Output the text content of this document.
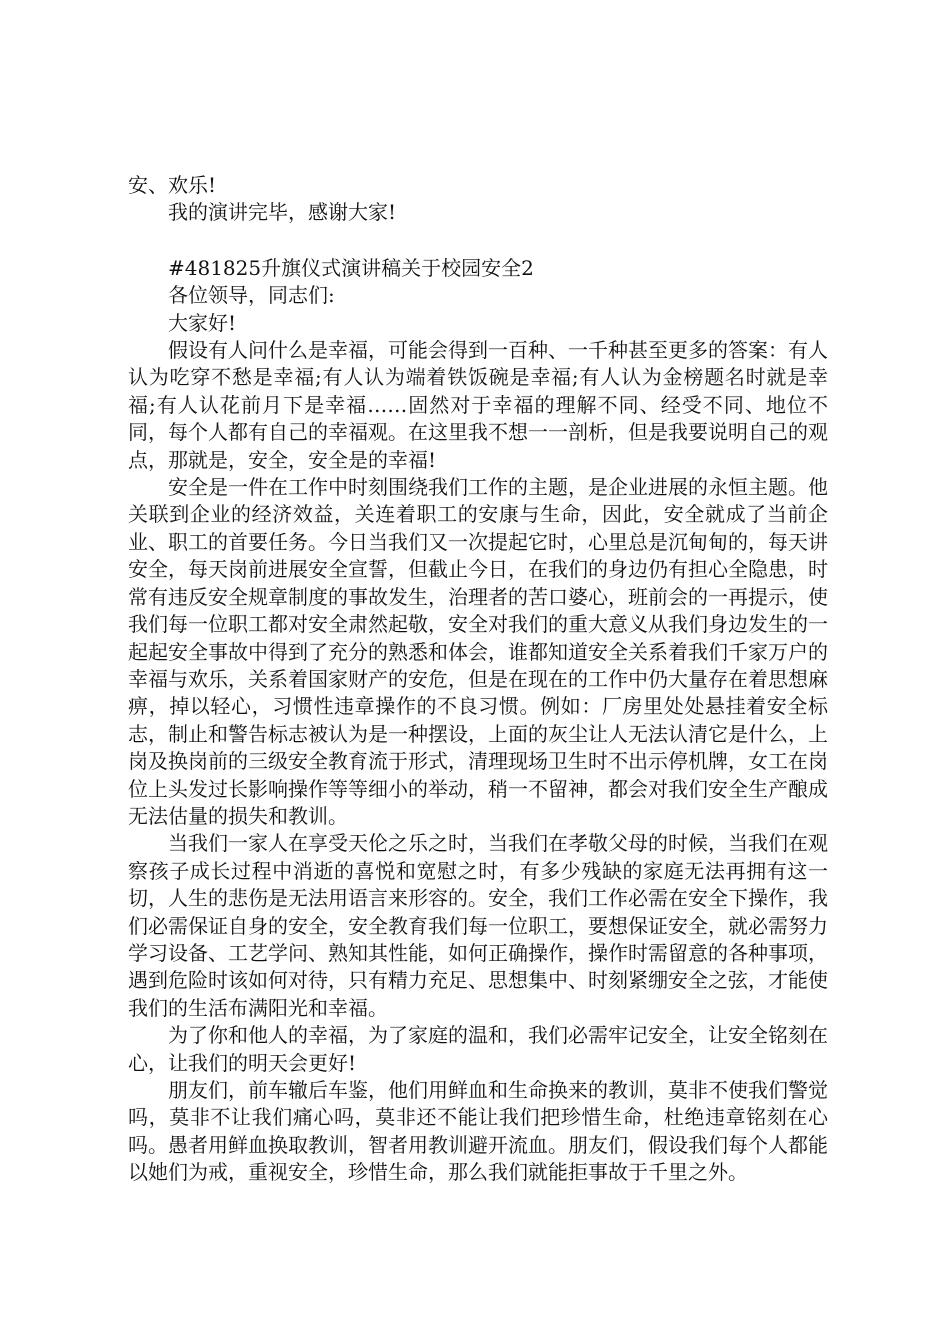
安、欢乐!

我的演讲完毕，感谢大家!

#481825升旗仪式演讲稿关于校园安全2

各位领导，同志们:

大家好!

假设有人问什么是幸福，可能会得到一百种、一千种甚至更多的答案：有人认为吃穿不愁是幸福;有人认为端着铁饭碗是幸福;有人认为金榜题名时就是幸福;有人认花前月下是幸福……固然对于幸福的理解不同、经受不同、地位不同，每个人都有自己的幸福观。在这里我不想一一剖析，但是我要说明自己的观点，那就是，安全，安全是的幸福!

安全是一件在工作中时刻围绕我们工作的主题，是企业进展的永恒主题。他关联到企业的经济效益，关连着职工的安康与生命，因此，安全就成了当前企业、职工的首要任务。今日当我们又一次提起它时，心里总是沉甸甸的，每天讲安全，每天岗前进展安全宣誓，但截止今日，在我们的身边仍有担心全隐患，时常有违反安全规章制度的事故发生，治理者的苦口婆心，班前会的一再提示，使我们每一位职工都对安全肃然起敬，安全对我们的重大意义从我们身边发生的一起起安全事故中得到了充分的熟悉和体会，谁都知道安全关系着我们千家万户的幸福与欢乐，关系着国家财产的安危，但是在现在的工作中仍大量存在着思想麻痹，掉以轻心，习惯性违章操作的不良习惯。例如：厂房里处处悬挂着安全标志，制止和警告标志被认为是一种摆设，上面的灰尘让人无法认清它是什么，上岗及换岗前的三级安全教育流于形式，清理现场卫生时不出示停机牌，女工在岗位上头发过长影响操作等等细小的举动，稍一不留神，都会对我们安全生产酿成无法估量的损失和教训。

当我们一家人在享受天伦之乐之时，当我们在孝敬父母的时候，当我们在观察孩子成长过程中消逝的喜悦和宽慰之时，有多少残缺的家庭无法再拥有这一切，人生的悲伤是无法用语言来形容的。安全，我们工作必需在安全下操作，我们必需保证自身的安全，安全教育我们每一位职工，要想保证安全，就必需努力学习设备、工艺学问、熟知其性能，如何正确操作，操作时需留意的各种事项，遇到危险时该如何对待，只有精力充足、思想集中、时刻紧绷安全之弦，才能使我们的生活布满阳光和幸福。

为了你和他人的幸福，为了家庭的温和，我们必需牢记安全，让安全铭刻在心，让我们的明天会更好!

朋友们，前车辙后车鉴，他们用鲜血和生命换来的教训，莫非不使我们警觉吗，莫非不让我们痛心吗，莫非还不能让我们把珍惜生命，杜绝违章铭刻在心吗。愚者用鲜血换取教训，智者用教训避开流血。朋友们，假设我们每个人都能以她们为戒，重视安全，珍惜生命，那么我们就能拒事故于千里之外。
